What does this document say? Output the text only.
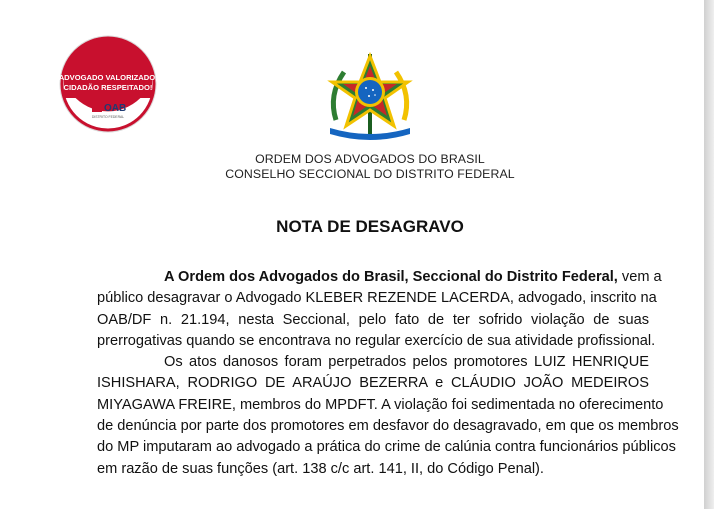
ADVOGADO VALORIZADO,
CIDADÃO RESPEITADO!
OAB
DISTRITO FEDERAL
ORDEM DOS ADVOGADOS DO BRASIL
CONSELHO SECCIONAL DO DISTRITO FEDERAL
NOTA DE DESAGRAVO
A Ordem dos Advogados do Brasil, Seccional do Distrito Federal, vem a
público desagravar o Advogado KLEBER REZENDE LACERDA, advogado, inscrito na
OAB/DF n. 21.194, nesta Seccional, pelo fato de ter sofrido violação de suas
prerrogativas quando se encontrava no regular exercício de sua atividade profissional.
Os atos danosos foram perpetrados pelos promotores LUIZ HENRIQUE
ISHISHARA, RODRIGO DE ARAÚJO BEZERRA e CLÁUDIO JOÃO MEDEIROS
MIYAGAWA FREIRE, membros do MPDFT. A violação foi sedimentada no oferecimento
de denúncia por parte dos promotores em desfavor do desagravado, em que os membros
do MP imputaram ao advogado a prática do crime de calúnia contra funcionários públicos
em razão de suas funções (art. 138 c/c art. 141, II, do Código Penal).
